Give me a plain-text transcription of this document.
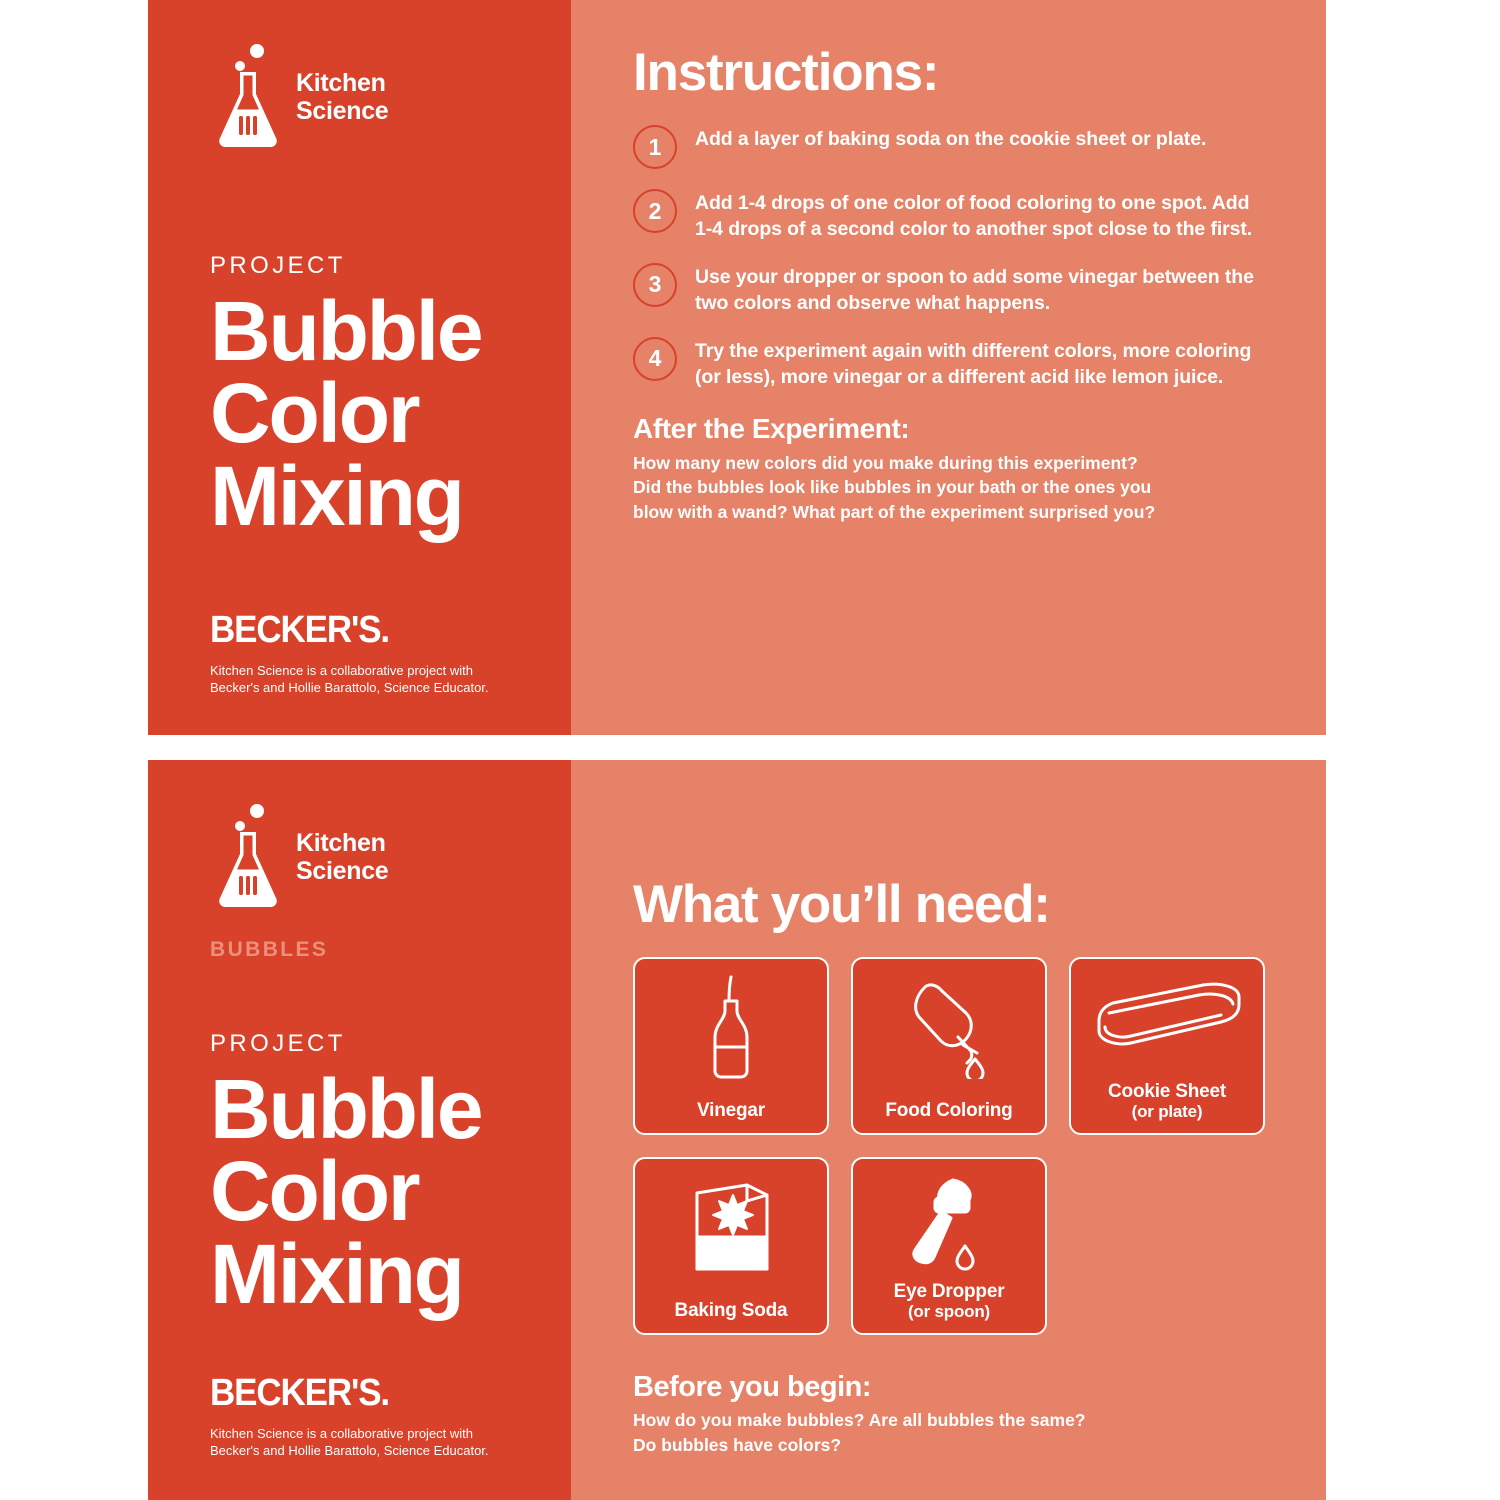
Kitchen
Science
PROJECT
Bubble
Color
Mixing
BECKER'S.
Kitchen Science is a collaborative project with
Becker's and Hollie Barattolo, Science Educator.
Instructions:
1	Add a layer of baking soda on the cookie sheet or plate.
2	Add 1-4 drops of one color of food coloring to one spot. Add 1-4 drops of a second color to another spot close to the first.
3	Use your dropper or spoon to add some vinegar between the two colors and observe what happens.
4	Try the experiment again with different colors, more coloring (or less), more vinegar or a different acid like lemon juice.
After the Experiment:
How many new colors did you make during this experiment?
Did the bubbles look like bubbles in your bath or the ones you
blow with a wand? What part of the experiment surprised you?
Kitchen
Science
BUBBLES
PROJECT
Bubble
Color
Mixing
BECKER'S.
Kitchen Science is a collaborative project with
Becker's and Hollie Barattolo, Science Educator.
What you’ll need:
Vinegar	Food Coloring
Cookie Sheet
(or plate)
Baking Soda
Eye Dropper
(or spoon)
Before you begin:
How do you make bubbles? Are all bubbles the same?
Do bubbles have colors?
